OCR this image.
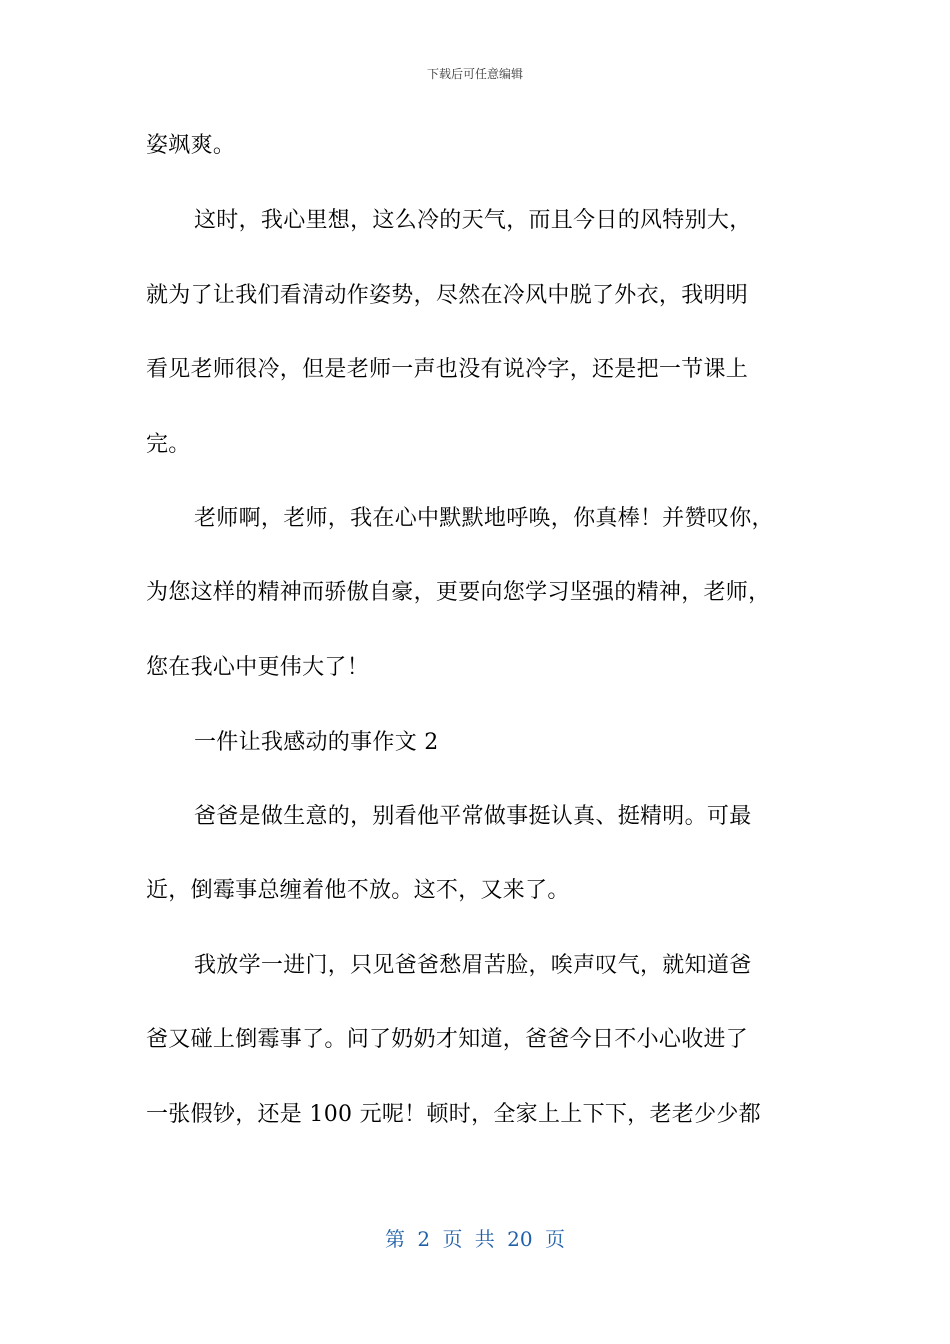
下载后可任意编辑
姿飒爽。
这时，我心里想，这么冷的天气，而且今日的风特别大，
就为了让我们看清动作姿势，尽然在冷风中脱了外衣，我明明
看见老师很冷，但是老师一声也没有说冷字，还是把一节课上
完。
老师啊，老师，我在心中默默地呼唤，你真棒！并赞叹你，
为您这样的精神而骄傲自豪，更要向您学习坚强的精神，老师，
您在我心中更伟大了！
一件让我感动的事作文 2
爸爸是做生意的，别看他平常做事挺认真、挺精明。可最
近，倒霉事总缠着他不放。这不，又来了。
我放学一进门，只见爸爸愁眉苦脸，唉声叹气，就知道爸
爸又碰上倒霉事了。问了奶奶才知道，爸爸今日不小心收进了
一张假钞，还是 100 元呢！顿时，全家上上下下，老老少少都
第 2 页 共 20 页
